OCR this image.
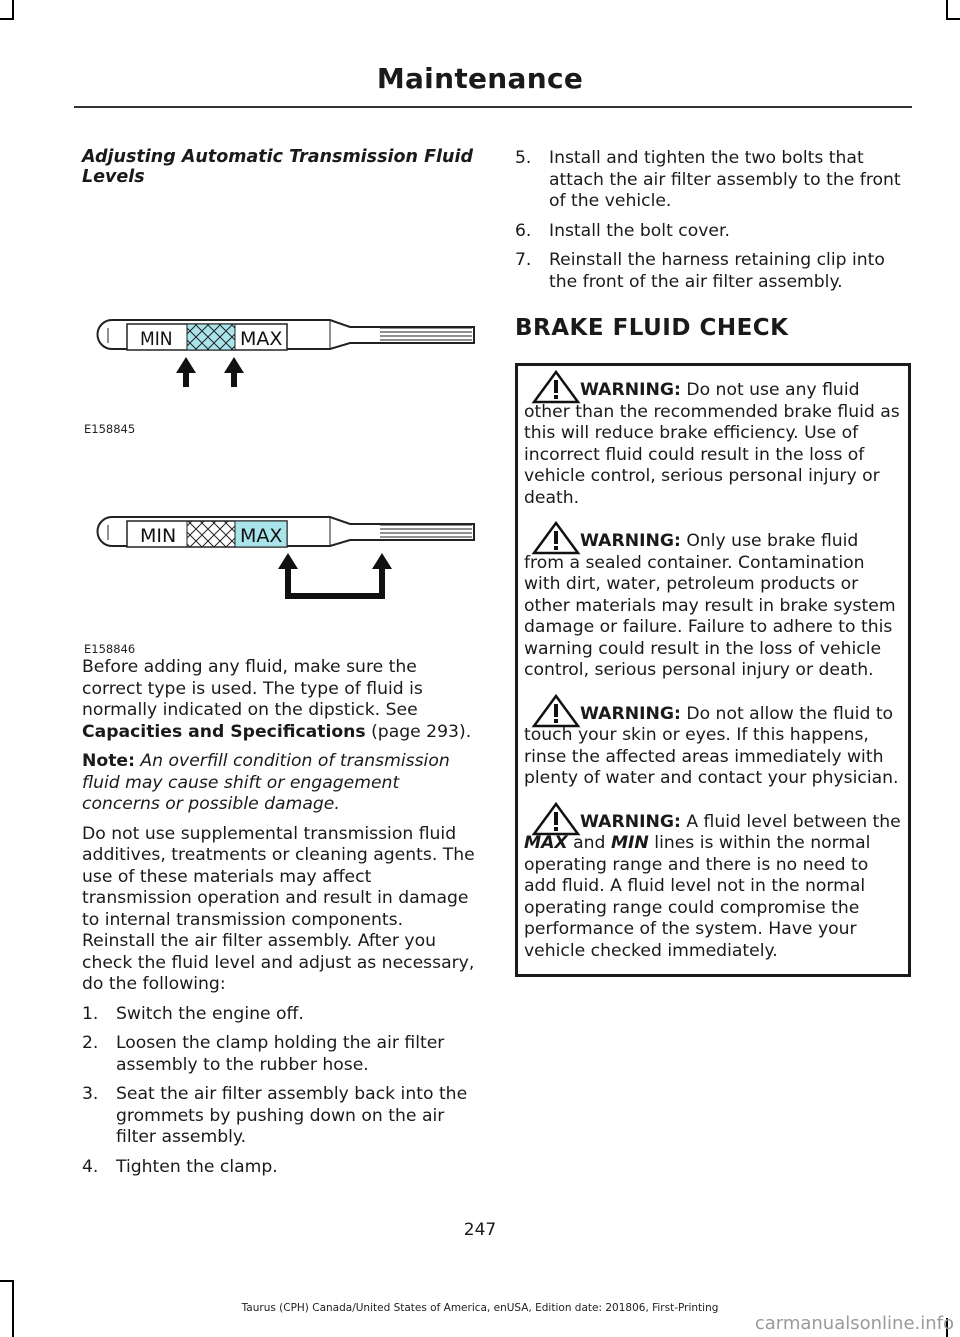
Maintenance
Adjusting Automatic Transmission Fluid Levels
MIN	MAX
E158845
MIN	MAX
E158846

Before adding any fluid, make sure the correct type is used. The type of fluid is normally indicated on the dipstick. See Capacities and Specifications (page 293).

Note: An overfill condition of transmission fluid may cause shift or engagement concerns or possible damage.

Do not use supplemental transmission fluid additives, treatments or cleaning agents. The use of these materials may affect transmission operation and result in damage to internal transmission components. Reinstall the air filter assembly. After you check the fluid level and adjust as necessary, do the following:

1. Switch the engine off.
2. Loosen the clamp holding the air filter assembly to the rubber hose.
3. Seat the air filter assembly back into the grommets by pushing down on the air filter assembly.
4. Tighten the clamp.
5. Install and tighten the two bolts that attach the air filter assembly to the front of the vehicle.
6. Install the bolt cover.
7. Reinstall the harness retaining clip into the front of the air filter assembly.
BRAKE FLUID CHECK
WARNING: Do not use any fluid other than the recommended brake fluid as this will reduce brake efficiency. Use of incorrect fluid could result in the loss of vehicle control, serious personal injury or death.
WARNING: Only use brake fluid from a sealed container. Contamination with dirt, water, petroleum products or other materials may result in brake system damage or failure. Failure to adhere to this warning could result in the loss of vehicle control, serious personal injury or death.
WARNING: Do not allow the fluid to touch your skin or eyes. If this happens, rinse the affected areas immediately with plenty of water and contact your physician.
WARNING: A fluid level between the MAX and MIN lines is within the normal operating range and there is no need to add fluid. A fluid level not in the normal operating range could compromise the performance of the system. Have your vehicle checked immediately.
247
Taurus (CPH) Canada/United States of America, enUSA, Edition date: 201806, First-Printing
carmanualsonline.info
